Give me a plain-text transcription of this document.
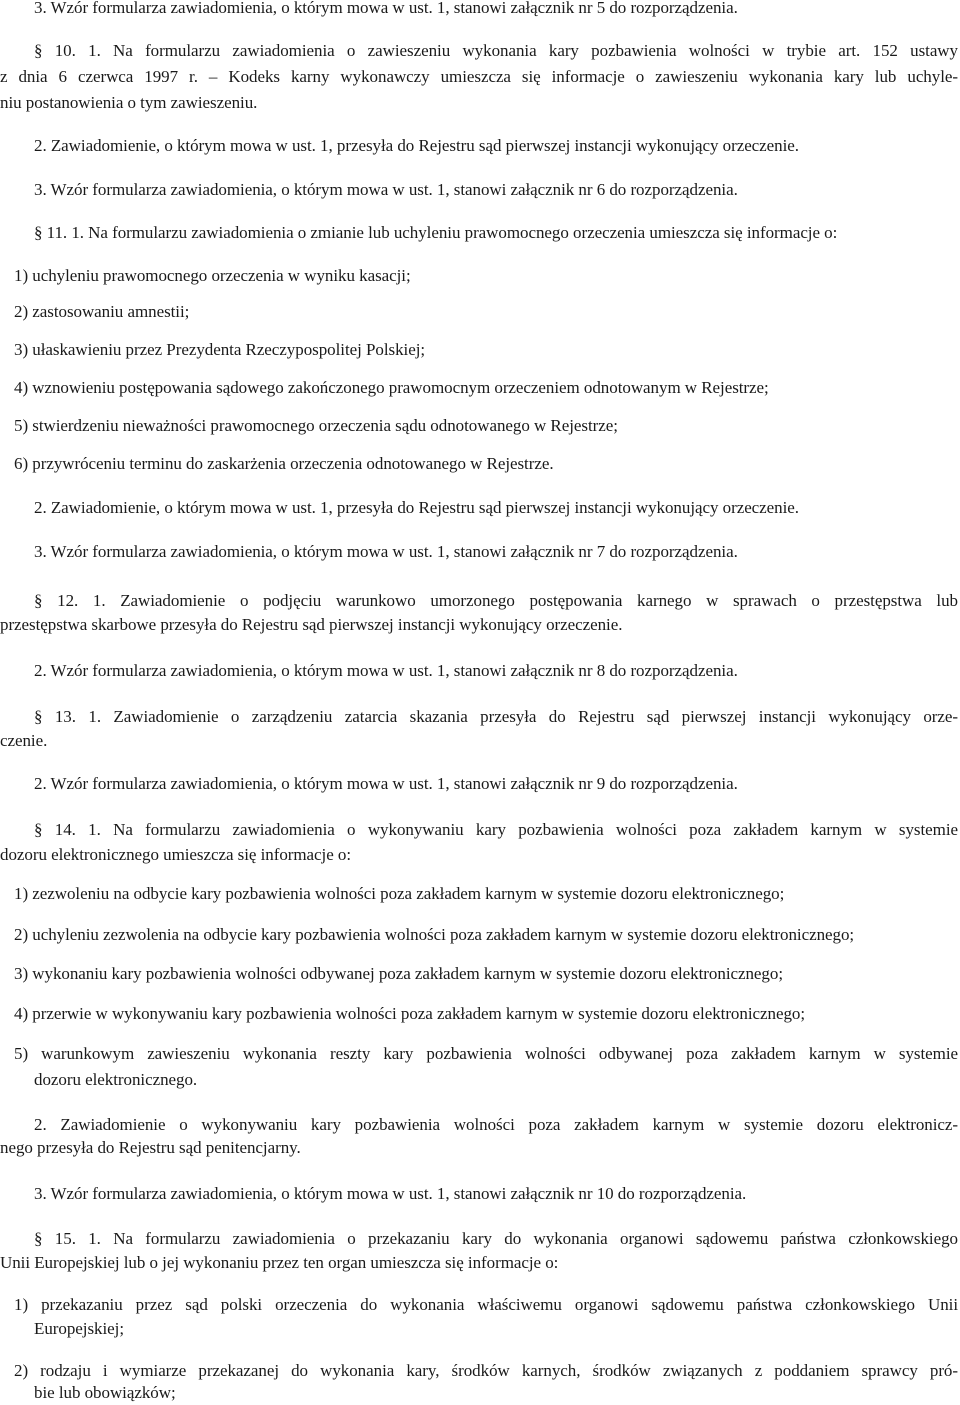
3. Wzór formularza zawiadomienia, o którym mowa w ust. 1, stanowi załącznik nr 5 do rozporządzenia.
§ 10. 1. Na formularzu zawiadomienia o zawieszeniu wykonania kary pozbawienia wolności w trybie art. 152 ustawy
z dnia 6 czerwca 1997 r. – Kodeks karny wykonawczy umieszcza się informacje o zawieszeniu wykonania kary lub uchyle-
niu postanowienia o tym zawieszeniu.
2. Zawiadomienie, o którym mowa w ust. 1, przesyła do Rejestru sąd pierwszej instancji wykonujący orzeczenie.
3. Wzór formularza zawiadomienia, o którym mowa w ust. 1, stanowi załącznik nr 6 do rozporządzenia.
§ 11. 1. Na formularzu zawiadomienia o zmianie lub uchyleniu prawomocnego orzeczenia umieszcza się informacje o:
1) uchyleniu prawomocnego orzeczenia w wyniku kasacji;
2) zastosowaniu amnestii;
3) ułaskawieniu przez Prezydenta Rzeczypospolitej Polskiej;
4) wznowieniu postępowania sądowego zakończonego prawomocnym orzeczeniem odnotowanym w Rejestrze;
5) stwierdzeniu nieważności prawomocnego orzeczenia sądu odnotowanego w Rejestrze;
6) przywróceniu terminu do zaskarżenia orzeczenia odnotowanego w Rejestrze.
2. Zawiadomienie, o którym mowa w ust. 1, przesyła do Rejestru sąd pierwszej instancji wykonujący orzeczenie.
3. Wzór formularza zawiadomienia, o którym mowa w ust. 1, stanowi załącznik nr 7 do rozporządzenia.
§ 12. 1. Zawiadomienie o podjęciu warunkowo umorzonego postępowania karnego w sprawach o przestępstwa lub
przestępstwa skarbowe przesyła do Rejestru sąd pierwszej instancji wykonujący orzeczenie.
2. Wzór formularza zawiadomienia, o którym mowa w ust. 1, stanowi załącznik nr 8 do rozporządzenia.
§ 13. 1. Zawiadomienie o zarządzeniu zatarcia skazania przesyła do Rejestru sąd pierwszej instancji wykonujący orze-
czenie.
2. Wzór formularza zawiadomienia, o którym mowa w ust. 1, stanowi załącznik nr 9 do rozporządzenia.
§ 14. 1. Na formularzu zawiadomienia o wykonywaniu kary pozbawienia wolności poza zakładem karnym w systemie
dozoru elektronicznego umieszcza się informacje o:
1) zezwoleniu na odbycie kary pozbawienia wolności poza zakładem karnym w systemie dozoru elektronicznego;
2) uchyleniu zezwolenia na odbycie kary pozbawienia wolności poza zakładem karnym w systemie dozoru elektronicznego;
3) wykonaniu kary pozbawienia wolności odbywanej poza zakładem karnym w systemie dozoru elektronicznego;
4) przerwie w wykonywaniu kary pozbawienia wolności poza zakładem karnym w systemie dozoru elektronicznego;
5) warunkowym zawieszeniu wykonania reszty kary pozbawienia wolności odbywanej poza zakładem karnym w systemie
dozoru elektronicznego.
2. Zawiadomienie o wykonywaniu kary pozbawienia wolności poza zakładem karnym w systemie dozoru elektronicz-
nego przesyła do Rejestru sąd penitencjarny.
3. Wzór formularza zawiadomienia, o którym mowa w ust. 1, stanowi załącznik nr 10 do rozporządzenia.
§ 15. 1. Na formularzu zawiadomienia o przekazaniu kary do wykonania organowi sądowemu państwa członkowskiego
Unii Europejskiej lub o jej wykonaniu przez ten organ umieszcza się informacje o:
1) przekazaniu przez sąd polski orzeczenia do wykonania właściwemu organowi sądowemu państwa członkowskiego Unii
Europejskiej;
2) rodzaju i wymiarze przekazanej do wykonania kary, środków karnych, środków związanych z poddaniem sprawcy pró-
bie lub obowiązków;
